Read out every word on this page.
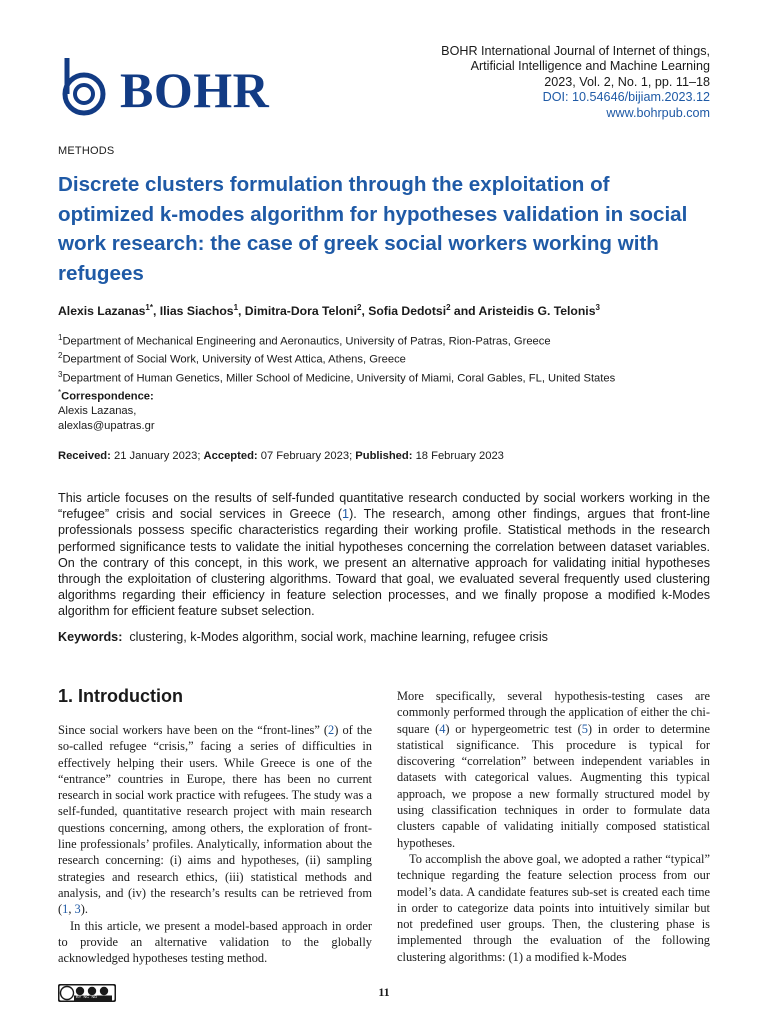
BOHR
BOHR International Journal of Internet of things,
Artificial Intelligence and Machine Learning
2023, Vol. 2, No. 1, pp. 11–18
DOI: 10.54646/bijiam.2023.12
www.bohrpub.com
METHODS
Discrete clusters formulation through the exploitation of optimized k-modes algorithm for hypotheses validation in social work research: the case of greek social workers working with refugees
Alexis Lazanas$^{1*}$, Ilias Siachos$^1$, Dimitra-Dora Teloni$^2$, Sofia Dedotsi$^2$ and Aristeidis G. Telonis$^3$
$^1$Department of Mechanical Engineering and Aeronautics, University of Patras, Rion-Patras, Greece
$^2$Department of Social Work, University of West Attica, Athens, Greece
$^3$Department of Human Genetics, Miller School of Medicine, University of Miami, Coral Gables, FL, United States
*Correspondence:
Alexis Lazanas,
alexlas@upatras.gr
Received: 21 January 2023; Accepted: 07 February 2023; Published: 18 February 2023
This article focuses on the results of self-funded quantitative research conducted by social workers working in the “refugee” crisis and social services in Greece (1). The research, among other findings, argues that front-line professionals possess specific characteristics regarding their working profile. Statistical methods in the research performed significance tests to validate the initial hypotheses concerning the correlation between dataset variables. On the contrary of this concept, in this work, we present an alternative approach for validating initial hypotheses through the exploitation of clustering algorithms. Toward that goal, we evaluated several frequently used clustering algorithms regarding their efficiency in feature selection processes, and we finally propose a modified k-Modes algorithm for efficient feature subset selection.
Keywords:  clustering, k-Modes algorithm, social work, machine learning, refugee crisis
1. Introduction

Since social workers have been on the “front-lines” (2) of the so-called refugee “crisis,” facing a series of difficulties in effectively helping their users. While Greece is one of the “entrance” countries in Europe, there has been no current research in social work practice with refugees. The study was a self-funded, quantitative research project with main research questions concerning, among others, the exploration of front-line professionals’ profiles. Analytically, information about the research concerning: (i) aims and hypotheses, (ii) sampling strategies and research ethics, (iii) statistical methods and analysis, and (iv) the research’s results can be retrieved from (1, 3).

In this article, we present a model-based approach in order to provide an alternative validation to the globally acknowledged hypotheses testing method.

More specifically, several hypothesis-testing cases are commonly performed through the application of either the chi-square (4) or hypergeometric test (5) in order to determine statistical significance. This procedure is typical for discovering “correlation” between independent variables in datasets with categorical values. Augmenting this typical approach, we propose a new formally structured model by using classification techniques in order to formulate data clusters capable of validating initially composed statistical hypotheses.

To accomplish the above goal, we adopted a rather “typical” technique regarding the feature selection process from our model’s data. A candidate features sub-set is created each time in order to categorize data points into intuitively similar but not predefined user groups. Then, the clustering phase is implemented through the evaluation of the following clustering algorithms: (1) a modified k-Modes

BY  NC  ND	11
